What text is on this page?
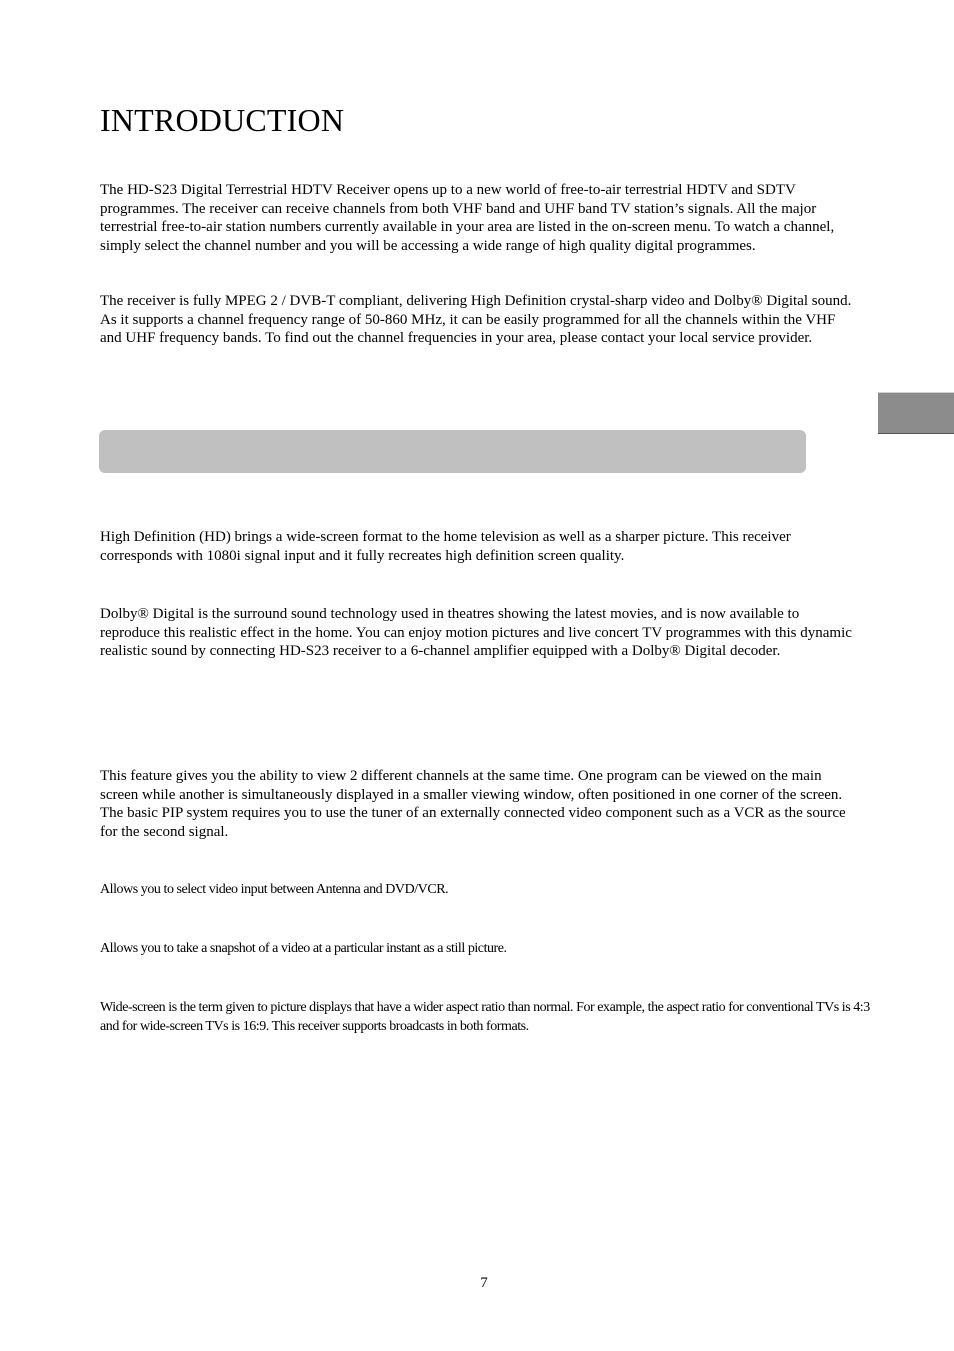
INTRODUCTION

The HD-S23 Digital Terrestrial HDTV Receiver opens up to a new world of free-to-air terrestrial HDTV and SDTV programmes. The receiver can receive channels from both VHF band and UHF band TV station’s signals. All the major terrestrial free-to-air station numbers currently available in your area are listed in the on-screen menu. To watch a channel, simply select the channel number and you will be accessing a wide range of high quality digital programmes.

The receiver is fully MPEG 2 / DVB-T compliant, delivering High Definition crystal-sharp video and Dolby® Digital sound. As it supports a channel frequency range of 50-860 MHz, it can be easily programmed for all the channels within the VHF and UHF frequency bands. To find out the channel frequencies in your area, please contact your local service provider.

High Definition (HD) brings a wide-screen format to the home television as well as a sharper picture. This receiver corresponds with 1080i signal input and it fully recreates high definition screen quality.

Dolby® Digital is the surround sound technology used in theatres showing the latest movies, and is now available to reproduce this realistic effect in the home. You can enjoy motion pictures and live concert TV programmes with this dynamic realistic sound by connecting HD-S23 receiver to a 6-channel amplifier equipped with a Dolby® Digital decoder.

This feature gives you the ability to view 2 different channels at the same time. One program can be viewed on the main screen while another is simultaneously displayed in a smaller viewing window, often positioned in one corner of the screen. The basic PIP system requires you to use the tuner of an externally connected video component such as a VCR as the source for the second signal.

Allows you to select video input between Antenna and DVD/VCR.

Allows you to take a snapshot of a video at a particular instant as a still picture.

Wide-screen is the term given to picture displays that have a wider aspect ratio than normal. For example, the aspect ratio for conventional TVs is 4:3 and for wide-screen TVs is 16:9. This receiver supports broadcasts in both formats.

7
